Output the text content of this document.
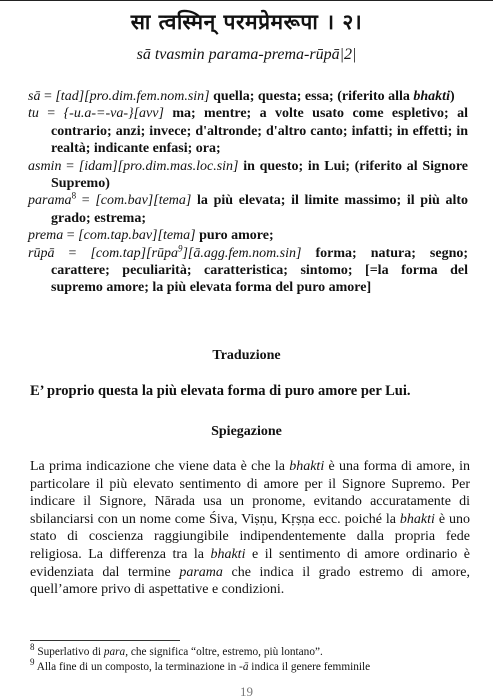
सा त्वस्मिन् परमप्रेमरूपा । २।
sā tvasmin parama-prema-rūpā|2|

sā = [tad][pro.dim.fem.nom.sin] quella; questa; essa; (riferito alla bhakti)

tu = {-u.a-=-va-}[avv] ma; mentre; a volte usato come espletivo; al contrario; anzi; invece; d'altronde; d'altro canto; infatti; in effetti; in realtà; indicante enfasi; ora;

asmin = [idam][pro.dim.mas.loc.sin] in questo; in Lui; (riferito al Signore Supremo)

parama$^8$ = [com.bav][tema] la più elevata; il limite massimo; il più alto grado; estrema;

prema = [com.tap.bav][tema] puro amore;

rūpā = [com.tap][rūpa$^9$][ā.agg.fem.nom.sin] forma; natura; segno; carattere; peculiarità; caratteristica; sintomo; [=la forma del supremo amore; la più elevata forma del puro amore]

Traduzione
E’ proprio questa la più elevata forma di puro amore per Lui.
Spiegazione

La prima indicazione che viene data è che la bhakti è una forma di amore, in particolare il più elevato sentimento di amore per il Signore Supremo. Per indicare il Signore, Nārada usa un pronome, evitando accuratamente di sbilanciarsi con un nome come Śiva, Viṣṇu, Kṛṣṇa ecc. poiché la bhakti è uno stato di coscienza raggiungibile indipendentemente dalla propria fede religiosa. La differenza tra la bhakti e il sentimento di amore ordinario è evidenziata dal termine parama che indica il grado estremo di amore, quell’amore privo di aspettative e condizioni.

$^8$ Superlativo di para, che significa “oltre, estremo, più lontano”.

$^9$ Alla fine di un composto, la terminazione in -ā indica il genere femminile

19
